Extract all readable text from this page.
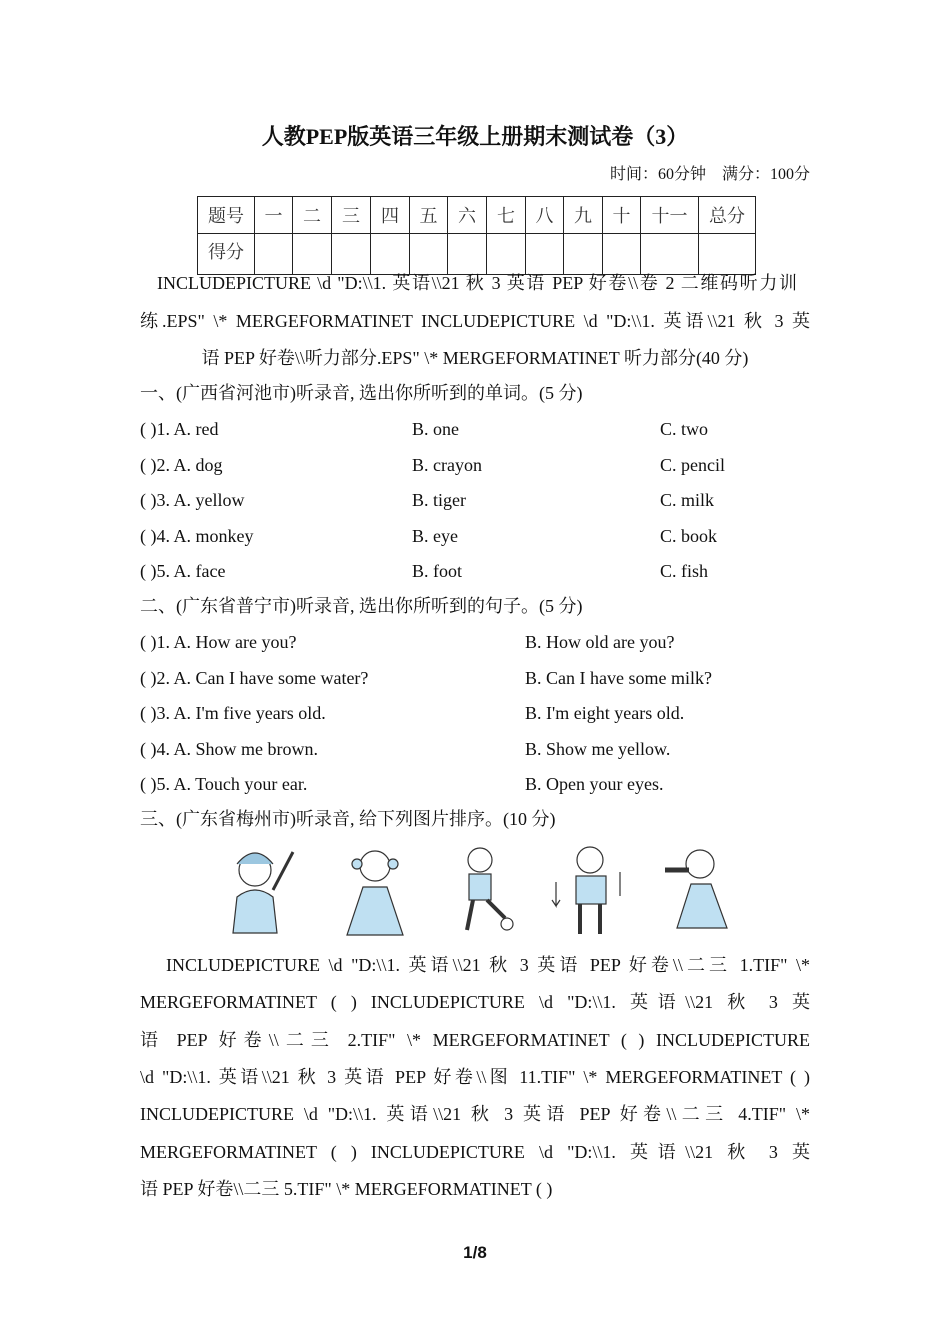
人教PEP版英语三年级上册期末测试卷（3）
时间：60分钟　满分：100分
题号	一	二	三	四	五	六	七	八	九	十	十一	总分
得分												
INCLUDEPICTURE \d "D:\\1. 英语\\21 秋 3 英语 PEP 好卷\\卷 2 二维码听力训
练.EPS" \* MERGEFORMATINET INCLUDEPICTURE \d "D:\\1. 英语\\21 秋 3 英
语 PEP 好卷\\听力部分.EPS" \* MERGEFORMATINET 听力部分(40 分)
一、(广西省河池市)听录音, 选出你所听到的单词。(5 分)
二、(广东省普宁市)听录音, 选出你所听到的句子。(5 分)
三、(广东省梅州市)听录音, 给下列图片排序。(10 分)
1/8
( )1. A. red	B. one	C. two
( )2. A. dog	B. crayon	C. pencil
( )3. A. yellow	B. tiger	C. milk
( )4. A. monkey	B. eye	C. book
( )5. A. face	B. foot	C. fish
( )1. A. How are you?	B. How old are you?
( )2. A. Can I have some water?	B. Can I have some milk?
( )3. A. I'm five years old.	B. I'm eight years old.
( )4. A. Show me brown.	B. Show me yellow.
( )5. A. Touch your ear.	B. Open your eyes.
INCLUDEPICTURE \d "D:\\1. 英语\\21 秋 3 英语 PEP 好卷\\二三 1.TIF" \*
MERGEFORMATINET ( ) INCLUDEPICTURE \d "D:\\1. 英语\\21 秋 3 英
语 PEP 好卷\\二三 2.TIF" \* MERGEFORMATINET ( ) INCLUDEPICTURE
\d "D:\\1. 英语\\21 秋 3 英语 PEP 好卷\\图 11.TIF" \* MERGEFORMATINET ( )
INCLUDEPICTURE \d "D:\\1. 英语\\21 秋 3 英语 PEP 好卷\\二三 4.TIF" \*
MERGEFORMATINET ( ) INCLUDEPICTURE \d "D:\\1. 英语\\21 秋 3 英
语 PEP 好卷\\二三 5.TIF" \* MERGEFORMATINET ( )
